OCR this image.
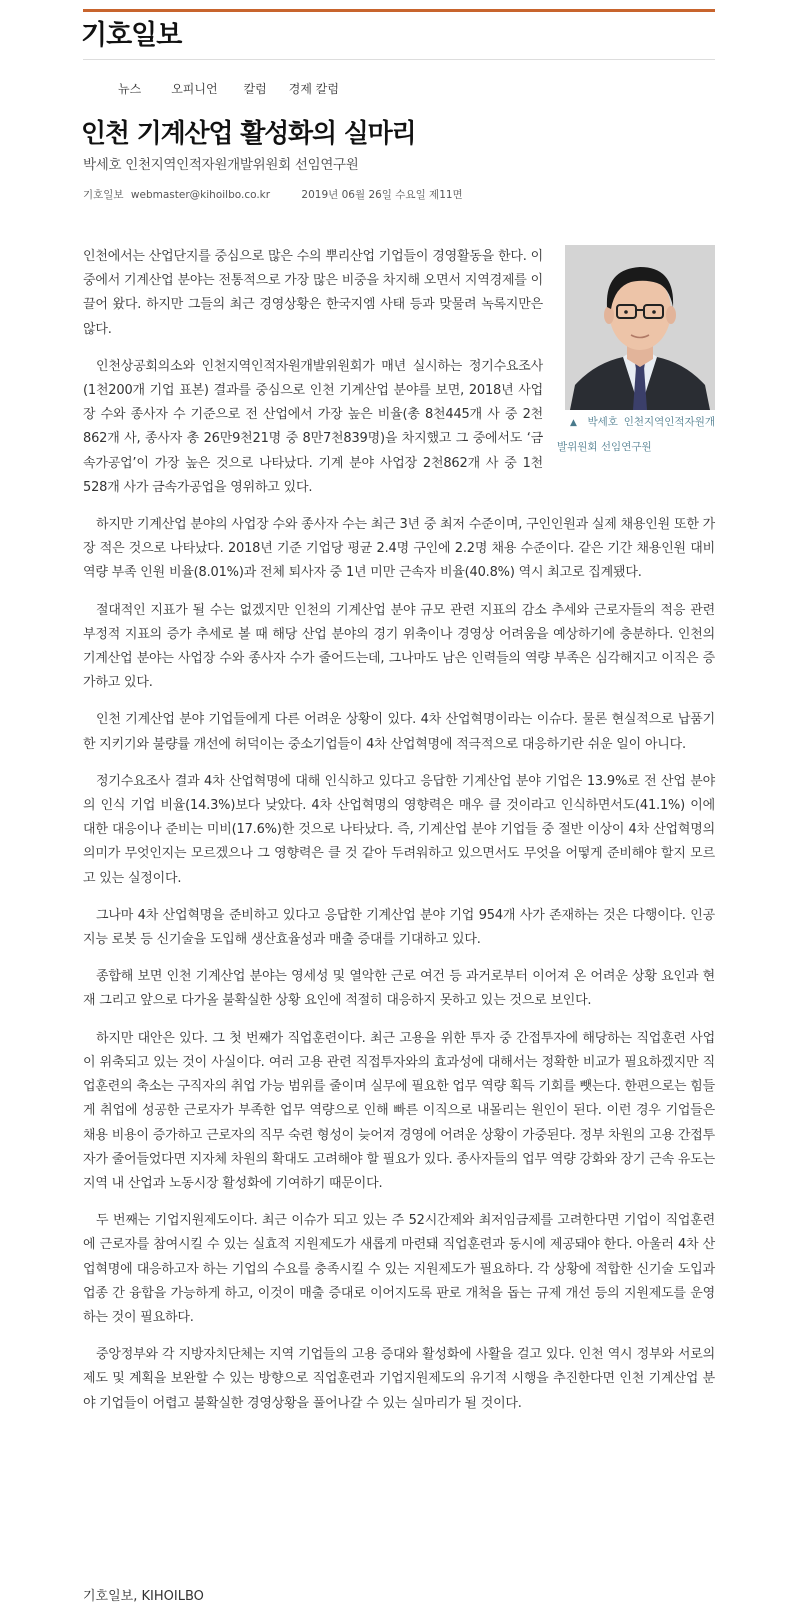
기호일보
뉴스	오피니언 칼럼 경제 칼럼
인천 기계산업 활성화의 실마리
박세호 인천지역인적자원개발위원회 선임연구원
기호일보 webmaster@kihoilbo.co.kr	2019년 06월 26일 수요일 제11면

▲ 박세호 인천지역인적자원개발위원회 선임연구원

인천에서는 산업단지를 중심으로 많은 수의 뿌리산업 기업들이 경영활동을 한다. 이 중에서 기계산업 분야는 전통적으로 가장 많은 비중을 차지해 오면서 지역경제를 이끌어 왔다. 하지만 그들의 최근 경영상황은 한국지엠 사태 등과 맞물려 녹록지만은 않다.

인천상공회의소와 인천지역인적자원개발위원회가 매년 실시하는 정기수요조사(1천200개 기업 표본) 결과를 중심으로 인천 기계산업 분야를 보면, 2018년 사업장 수와 종사자 수 기준으로 전 산업에서 가장 높은 비율(총 8천445개 사 중 2천862개 사, 종사자 총 26만9천21명 중 8만7천839명)을 차지했고 그 중에서도 ‘금속가공업’이 가장 높은 것으로 나타났다. 기계 분야 사업장 2천862개 사 중 1천528개 사가 금속가공업을 영위하고 있다.

하지만 기계산업 분야의 사업장 수와 종사자 수는 최근 3년 중 최저 수준이며, 구인인원과 실제 채용인원 또한 가장 적은 것으로 나타났다. 2018년 기준 기업당 평균 2.4명 구인에 2.2명 채용 수준이다. 같은 기간 채용인원 대비 역량 부족 인원 비율(8.01%)과 전체 퇴사자 중 1년 미만 근속자 비율(40.8%) 역시 최고로 집계됐다.

절대적인 지표가 될 수는 없겠지만 인천의 기계산업 분야 규모 관련 지표의 감소 추세와 근로자들의 적응 관련 부정적 지표의 증가 추세로 볼 때 해당 산업 분야의 경기 위축이나 경영상 어려움을 예상하기에 충분하다. 인천의 기계산업 분야는 사업장 수와 종사자 수가 줄어드는데, 그나마도 남은 인력들의 역량 부족은 심각해지고 이직은 증가하고 있다.

인천 기계산업 분야 기업들에게 다른 어려운 상황이 있다. 4차 산업혁명이라는 이슈다. 물론 현실적으로 납품기한 지키기와 불량률 개선에 허덕이는 중소기업들이 4차 산업혁명에 적극적으로 대응하기란 쉬운 일이 아니다.

정기수요조사 결과 4차 산업혁명에 대해 인식하고 있다고 응답한 기계산업 분야 기업은 13.9%로 전 산업 분야의 인식 기업 비율(14.3%)보다 낮았다. 4차 산업혁명의 영향력은 매우 클 것이라고 인식하면서도(41.1%) 이에 대한 대응이나 준비는 미비(17.6%)한 것으로 나타났다. 즉, 기계산업 분야 기업들 중 절반 이상이 4차 산업혁명의 의미가 무엇인지는 모르겠으나 그 영향력은 클 것 같아 두려워하고 있으면서도 무엇을 어떻게 준비해야 할지 모르고 있는 실정이다.

그나마 4차 산업혁명을 준비하고 있다고 응답한 기계산업 분야 기업 954개 사가 존재하는 것은 다행이다. 인공지능 로봇 등 신기술을 도입해 생산효율성과 매출 증대를 기대하고 있다.

종합해 보면 인천 기계산업 분야는 영세성 및 열악한 근로 여건 등 과거로부터 이어져 온 어려운 상황 요인과 현재 그리고 앞으로 다가올 불확실한 상황 요인에 적절히 대응하지 못하고 있는 것으로 보인다.

하지만 대안은 있다. 그 첫 번째가 직업훈련이다. 최근 고용을 위한 투자 중 간접투자에 해당하는 직업훈련 사업이 위축되고 있는 것이 사실이다. 여러 고용 관련 직접투자와의 효과성에 대해서는 정확한 비교가 필요하겠지만 직업훈련의 축소는 구직자의 취업 가능 범위를 줄이며 실무에 필요한 업무 역량 획득 기회를 뺏는다. 한편으로는 힘들게 취업에 성공한 근로자가 부족한 업무 역량으로 인해 빠른 이직으로 내몰리는 원인이 된다. 이런 경우 기업들은 채용 비용이 증가하고 근로자의 직무 숙련 형성이 늦어져 경영에 어려운 상황이 가중된다. 정부 차원의 고용 간접투자가 줄어들었다면 지자체 차원의 확대도 고려해야 할 필요가 있다. 종사자들의 업무 역량 강화와 장기 근속 유도는 지역 내 산업과 노동시장 활성화에 기여하기 때문이다.

두 번째는 기업지원제도이다. 최근 이슈가 되고 있는 주 52시간제와 최저임금제를 고려한다면 기업이 직업훈련에 근로자를 참여시킬 수 있는 실효적 지원제도가 새롭게 마련돼 직업훈련과 동시에 제공돼야 한다. 아울러 4차 산업혁명에 대응하고자 하는 기업의 수요를 충족시킬 수 있는 지원제도가 필요하다. 각 상황에 적합한 신기술 도입과 업종 간 융합을 가능하게 하고, 이것이 매출 증대로 이어지도록 판로 개척을 돕는 규제 개선 등의 지원제도를 운영하는 것이 필요하다.

중앙정부와 각 지방자치단체는 지역 기업들의 고용 증대와 활성화에 사활을 걸고 있다. 인천 역시 정부와 서로의 제도 및 계획을 보완할 수 있는 방향으로 직업훈련과 기업지원제도의 유기적 시행을 추진한다면 인천 기계산업 분야 기업들이 어렵고 불확실한 경영상황을 풀어나갈 수 있는 실마리가 될 것이다.

기호일보, KIHOILBO
